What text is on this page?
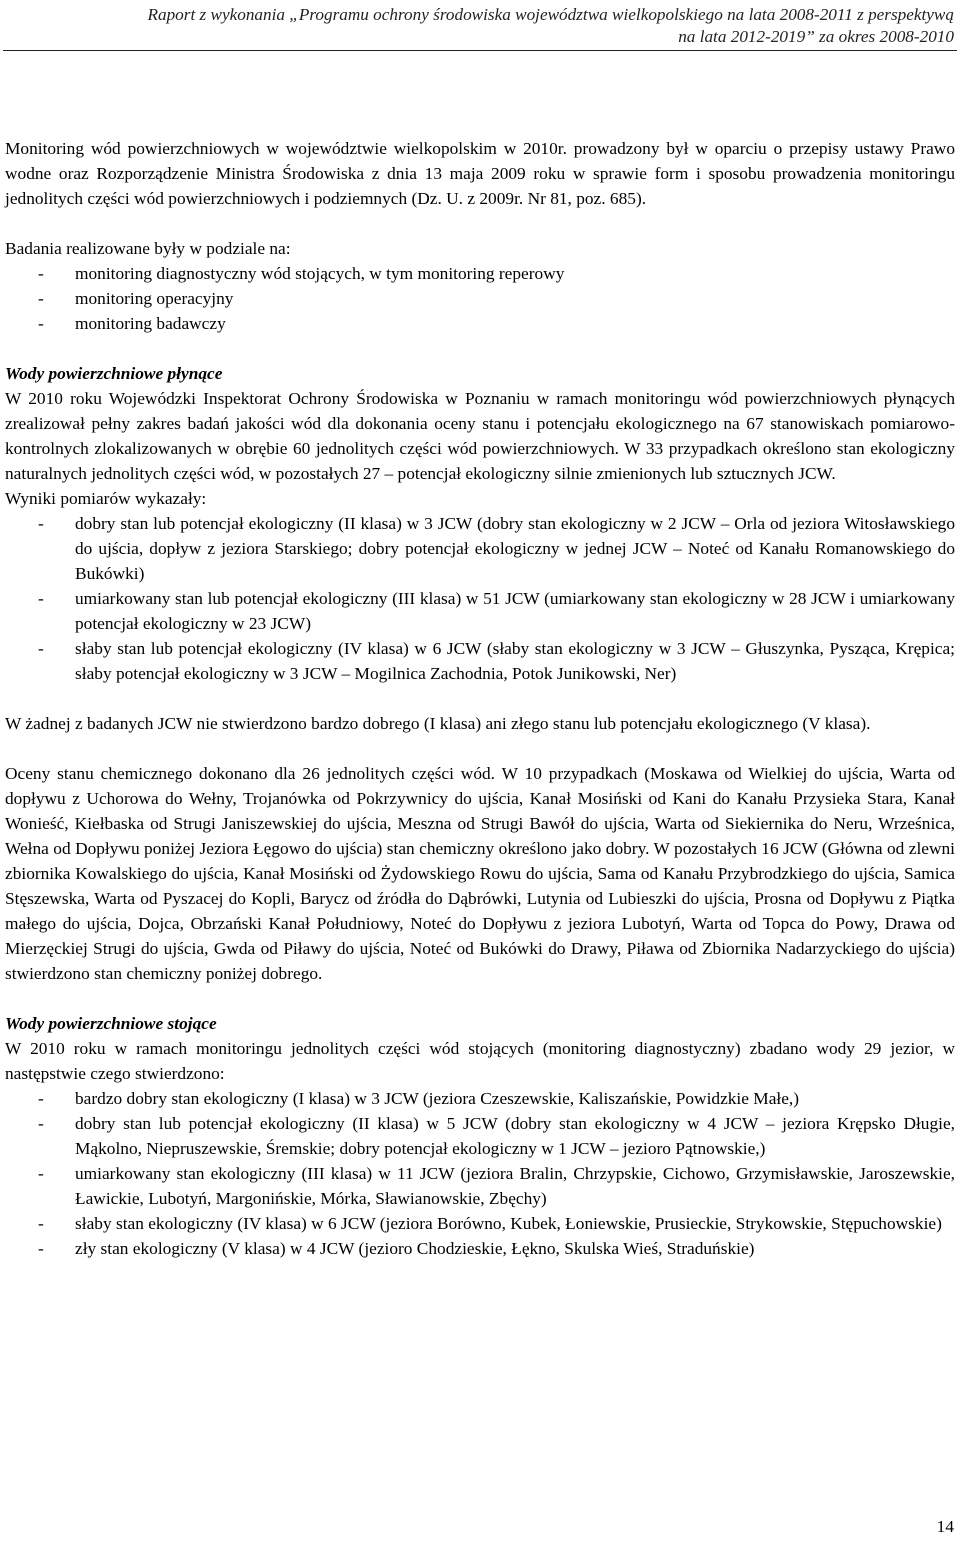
Raport z wykonania „Programu ochrony środowiska województwa wielkopolskiego na lata 2008-2011 z perspektywą
na lata 2012-2019” za okres 2008-2010

Monitoring wód powierzchniowych w województwie wielkopolskim w 2010r. prowadzony był w oparciu o przepisy ustawy Prawo wodne oraz Rozporządzenie Ministra Środowiska z dnia 13 maja 2009 roku w sprawie form i sposobu prowadzenia monitoringu jednolitych części wód powierzchniowych i podziemnych (Dz. U. z 2009r. Nr 81, poz. 685).

Badania realizowane były w podziale na:

- monitoring diagnostyczny wód stojących, w tym monitoring reperowy
- monitoring operacyjny
- monitoring badawczy

Wody powierzchniowe płynące

W 2010 roku Wojewódzki Inspektorat Ochrony Środowiska w Poznaniu w ramach monitoringu wód powierzchniowych płynących zrealizował pełny zakres badań jakości wód dla dokonania oceny stanu i potencjału ekologicznego na 67 stanowiskach pomiarowo-kontrolnych zlokalizowanych w obrębie 60 jednolitych części wód powierzchniowych. W 33 przypadkach określono stan ekologiczny naturalnych jednolitych części wód, w pozostałych 27 – potencjał ekologiczny silnie zmienionych lub sztucznych JCW.

Wyniki pomiarów wykazały:

- dobry stan lub potencjał ekologiczny (II klasa) w 3 JCW (dobry stan ekologiczny w 2 JCW – Orla od jeziora Witosławskiego do ujścia, dopływ z jeziora Starskiego; dobry potencjał ekologiczny w jednej JCW – Noteć od Kanału Romanowskiego do Bukówki)
- umiarkowany stan lub potencjał ekologiczny (III klasa) w 51 JCW (umiarkowany stan ekologiczny w 28 JCW i umiarkowany potencjał ekologiczny w 23 JCW)
- słaby stan lub potencjał ekologiczny (IV klasa) w 6 JCW (słaby stan ekologiczny w 3 JCW – Głuszynka, Pysząca, Krępica; słaby potencjał ekologiczny w 3 JCW – Mogilnica Zachodnia, Potok Junikowski, Ner)

W żadnej z badanych JCW nie stwierdzono bardzo dobrego (I klasa) ani złego stanu lub potencjału ekologicznego (V klasa).

Oceny stanu chemicznego dokonano dla 26 jednolitych części wód. W 10 przypadkach (Moskawa od Wielkiej do ujścia, Warta od dopływu z Uchorowa do Wełny, Trojanówka od Pokrzywnicy do ujścia, Kanał Mosiński od Kani do Kanału Przysieka Stara, Kanał Wonieść, Kiełbaska od Strugi Janiszewskiej do ujścia, Meszna od Strugi Bawół do ujścia, Warta od Siekiernika do Neru, Wrześnica, Wełna od Dopływu poniżej Jeziora Łęgowo do ujścia) stan chemiczny określono jako dobry. W pozostałych 16 JCW (Główna od zlewni zbiornika Kowalskiego do ujścia, Kanał Mosiński od Żydowskiego Rowu do ujścia, Sama od Kanału Przybrodzkiego do ujścia, Samica Stęszewska, Warta od Pyszacej do Kopli, Barycz od źródła do Dąbrówki, Lutynia od Lubieszki do ujścia, Prosna od Dopływu z Piątka małego do ujścia, Dojca, Obrzański Kanał Południowy, Noteć do Dopływu z jeziora Lubotyń, Warta od Topca do Powy, Drawa od Mierzęckiej Strugi do ujścia, Gwda od Piławy do ujścia, Noteć od Bukówki do Drawy, Piława od Zbiornika Nadarzyckiego do ujścia) stwierdzono stan chemiczny poniżej dobrego.

Wody powierzchniowe stojące

W 2010 roku w ramach monitoringu jednolitych części wód stojących (monitoring diagnostyczny) zbadano wody 29 jezior, w następstwie czego stwierdzono:

- bardzo dobry stan ekologiczny (I klasa) w 3 JCW (jeziora Czeszewskie, Kaliszańskie, Powidzkie Małe,)
- dobry stan lub potencjał ekologiczny (II klasa) w 5 JCW (dobry stan ekologiczny w 4 JCW – jeziora Krępsko Długie, Mąkolno, Niepruszewskie, Śremskie; dobry potencjał ekologiczny w 1 JCW – jezioro Pątnowskie,)
- umiarkowany stan ekologiczny (III klasa) w 11 JCW (jeziora Bralin, Chrzypskie, Cichowo, Grzymisławskie, Jaroszewskie, Ławickie, Lubotyń, Margonińskie, Mórka, Sławianowskie, Zbęchy)
- słaby stan ekologiczny (IV klasa) w 6 JCW (jeziora Borówno, Kubek, Łoniewskie, Prusieckie, Strykowskie, Stępuchowskie)
- zły stan ekologiczny (V klasa) w 4 JCW (jezioro Chodzieskie, Łękno, Skulska Wieś, Straduńskie)
14
